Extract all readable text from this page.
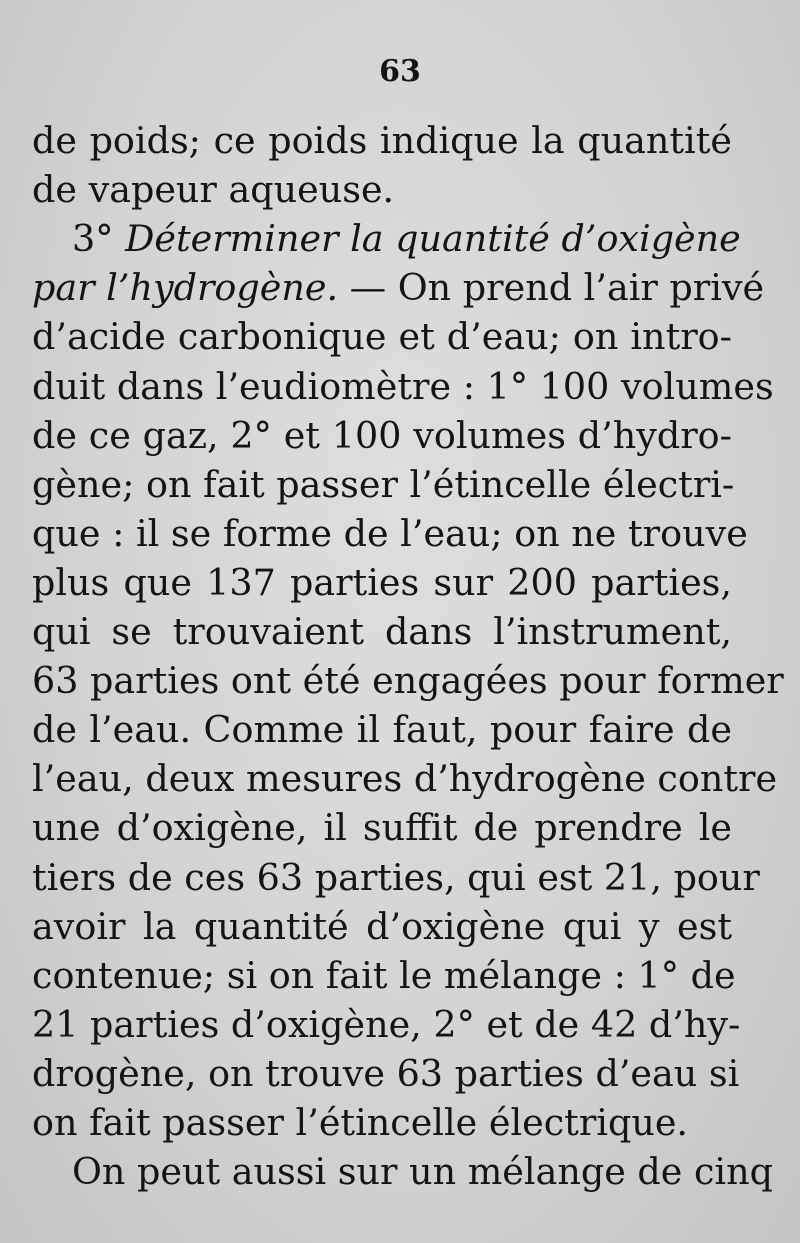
63
de poids; ce poids indique la quantité
de vapeur aqueuse.
3° Déterminer la quantité d’oxigène
par l’hydrogène. — On prend l’air privé
d’acide carbonique et d’eau; on intro-
duit dans l’eudiomètre : 1° 100 volumes
de ce gaz, 2° et 100 volumes d’hydro-
gène; on fait passer l’étincelle électri-
que : il se forme de l’eau; on ne trouve
plus que 137 parties sur 200 parties,
qui se trouvaient dans l’instrument,
63 parties ont été engagées pour former
de l’eau. Comme il faut, pour faire de
l’eau, deux mesures d’hydrogène contre
une d’oxigène, il suffit de prendre le
tiers de ces 63 parties, qui est 21, pour
avoir la quantité d’oxigène qui y est
contenue; si on fait le mélange : 1° de
21 parties d’oxigène, 2° et de 42 d’hy-
drogène, on trouve 63 parties d’eau si
on fait passer l’étincelle électrique.
On peut aussi sur un mélange de cinq
